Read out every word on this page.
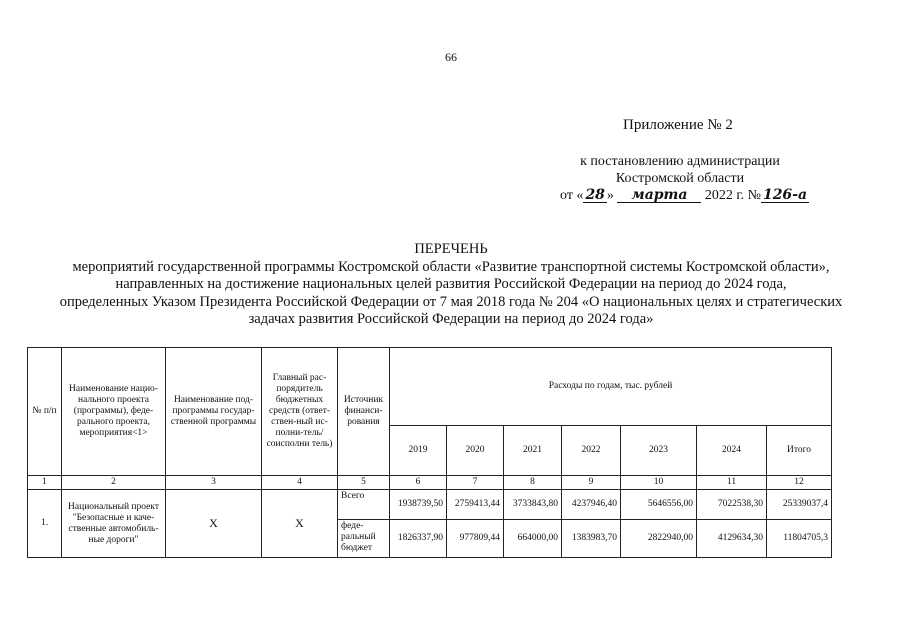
66
Приложение № 2
к постановлению администрации
Костромской области
от « 28 » марта 2022 г. № 126-а
ПЕРЕЧЕНЬ
мероприятий государственной программы Костромской области «Развитие транспортной системы Костромской области»,
направленных на достижение национальных целей развития Российской Федерации на период до 2024 года,
определенных Указом Президента Российской Федерации от 7 мая 2018 года № 204 «О национальных целях и стратегических
задачах развития Российской Федерации на период до 2024 года»
№ п/п	Наименование нацио-нального проекта (программы), феде-рального проекта, мероприятия<1>	Наименование под-программы государ-ственной программы	Главный рас-порядитель бюджетных средств (ответ-ствен-ный ис-полни-тель/соисполни тель)	Источник финанси-рования	Расходы по годам, тыс. рублей						
					2019	2020	2021	2022	2023	2024	Итого
1	2	3	4	5	6	7	8	9	10	11	12
1.	Национальный проект "Безопасные и каче-ственные автомобиль-ные дороги"	Х	Х	Всего	1938739,50	2759413,44	3733843,80	4237946,40	5646556,00	7022538,30	25339037,4
				феде-ральный бюджет	1826337,90	977809,44	664000,00	1383983,70	2822940,00	4129634,30	11804705,3
